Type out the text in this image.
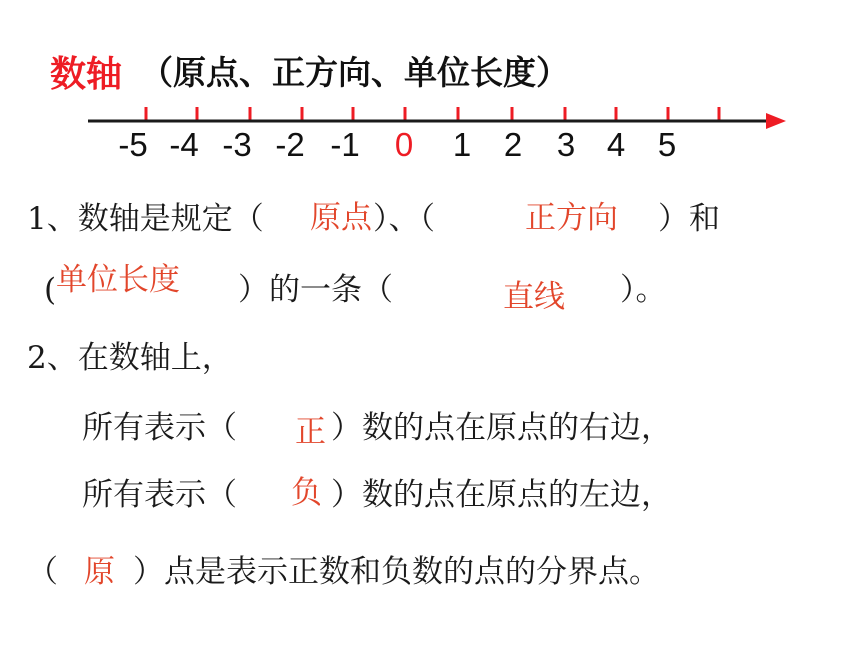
数轴 （原点、正方向、单位长度）
-5 -4 -3 -2 -1 0 1 2 3 4 5
1、数轴是规定（ 原点 ）、（	正方向 ）和
( 单位长度 ）的一条（	直线 ）。
2、在数轴上，
所有表示（ 正 ）数的点在原点的右边，
所有表示（ 负 ）数的点在原点的左边，
（ 原 ）点是表示正数和负数的点的分界点。
